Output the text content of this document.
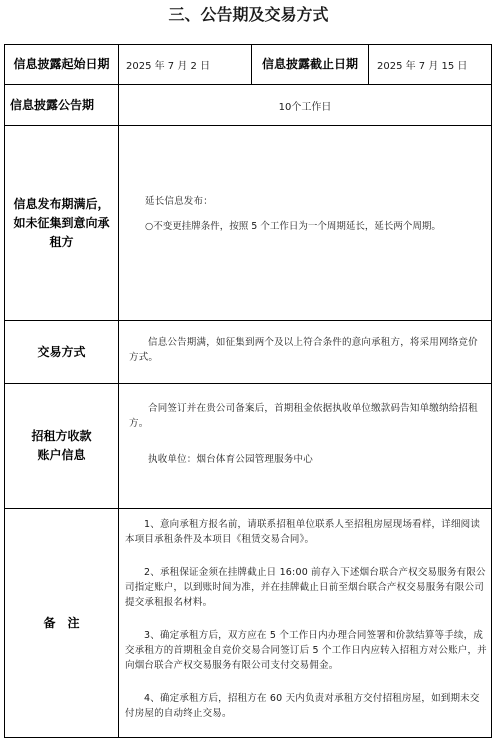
三、公告期及交易方式
信息披露起始日期 2025 年 7 月 2 日	信息披露截止日期 2025 年 7 月 15 日
信息披露公告期	10个工作日
信息发布期满后，
如未征集到意向承
租方
延长信息发布：
○不变更挂牌条件，按照 5 个工作日为一个周期延长，延长两个周期。
交易方式
信息公告期满，如征集到两个及以上符合条件的意向承租方，将采用网络竞价方式。
招租方收款
账户信息
合同签订并在贵公司备案后，首期租金依据执收单位缴款码告知单缴纳给招租方。
执收单位：烟台体育公园管理服务中心
备　注
1、意向承租方报名前，请联系招租单位联系人至招租房屋现场看样，详细阅读本项目承租条件及本项目《租赁交易合同》。
2、承租保证金须在挂牌截止日 16:00 前存入下述烟台联合产权交易服务有限公司指定账户，以到账时间为准，并在挂牌截止日前至烟台联合产权交易服务有限公司提交承租报名材料。
3、确定承租方后，双方应在 5 个工作日内办理合同签署和价款结算等手续，成交承租方的首期租金自竞价交易合同签订后 5 个工作日内应转入招租方对公账户，并向烟台联合产权交易服务有限公司支付交易佣金。
4、确定承租方后，招租方在 60 天内负责对承租方交付招租房屋，如到期未交付房屋的自动终止交易。
